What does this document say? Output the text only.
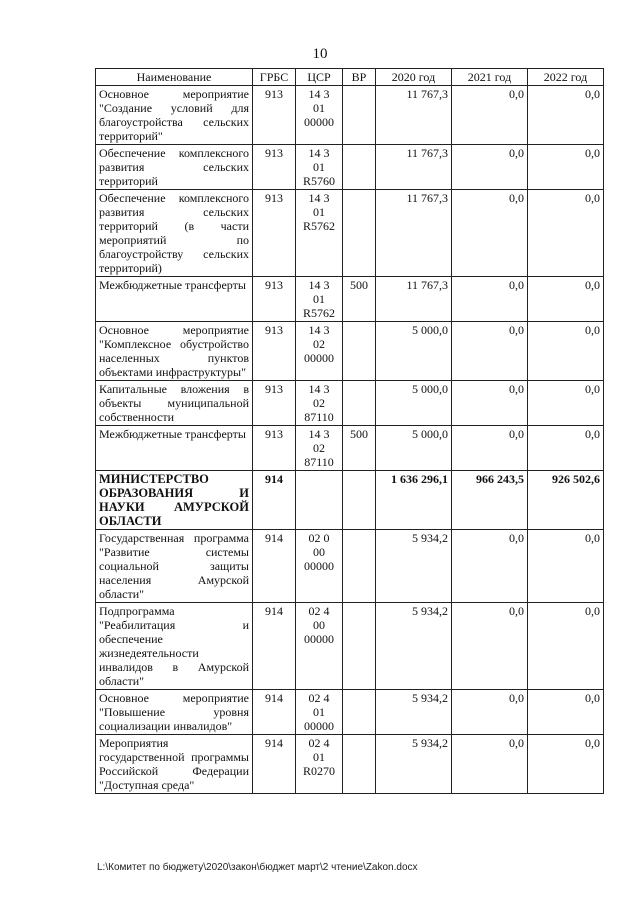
10
Наименование	ГРБС	ЦСР	ВР	2020 год	2021 год	2022 год
Основное мероприятие "Создание условий для благоустройства сельских территорий"	913	14 3
01
00000		11 767,3	0,0	0,0
Обеспечение комплексного развития сельских территорий	913	14 3
01
R5760		11 767,3	0,0	0,0
Обеспечение комплексного развития сельских территорий (в части мероприятий по благоустройству сельских территорий)	913	14 3
01
R5762		11 767,3	0,0	0,0
Межбюджетные трансферты	913	14 3
01
R5762	500	11 767,3	0,0	0,0
Основное мероприятие "Комплексное обустройство населенных пунктов объектами инфраструктуры"	913	14 3
02
00000		5 000,0	0,0	0,0
Капитальные вложения в объекты муниципальной собственности	913	14 3
02
87110		5 000,0	0,0	0,0
Межбюджетные трансферты	913	14 3
02
87110	500	5 000,0	0,0	0,0
МИНИСТЕРСТВО ОБРАЗОВАНИЯ И НАУКИ АМУРСКОЙ ОБЛАСТИ	914			1 636 296,1	966 243,5	926 502,6
Государственная программа "Развитие системы социальной защиты населения Амурской области"	914	02 0
00
00000		5 934,2	0,0	0,0
Подпрограмма "Реабилитация и обеспечение жизнедеятельности инвалидов в Амурской области"	914	02 4
00
00000		5 934,2	0,0	0,0
Основное мероприятие "Повышение уровня социализации инвалидов"	914	02 4
01
00000		5 934,2	0,0	0,0
Мероприятия государственной программы Российской Федерации "Доступная среда"	914	02 4
01
R0270		5 934,2	0,0	0,0
L:\Комитет по бюджету\2020\закон\бюджет март\2 чтение\Zakon.docx
